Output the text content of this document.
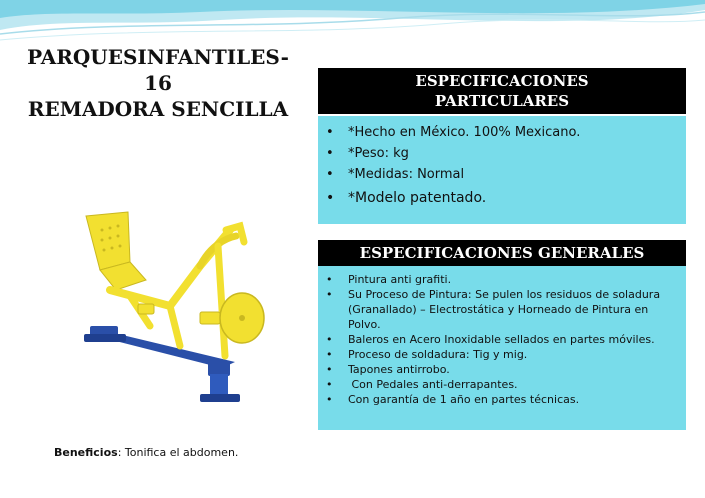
PARQUESINFANTILES-
16
REMADORA SENCILLA
ESPECIFICACIONES
PARTICULARES
•	*Hecho en México. 100% Mexicano.
•	*Peso: kg
•	*Medidas: Normal
• *Modelo patentado.
ESPECIFICACIONES GENERALES
•	Pintura anti grafiti.
•	Su Proceso de Pintura: Se pulen los residuos de soladura (Granallado) – Electrostática y Horneado de Pintura en Polvo.
•	Baleros en Acero Inoxidable sellados en partes móviles.
•	Proceso de soldadura: Tig y mig.
•	Tapones antirrobo.
•	Con Pedales anti-derrapantes.
•	Con garantía de 1 año en partes técnicas.
Beneficios: Tonifica el abdomen.
